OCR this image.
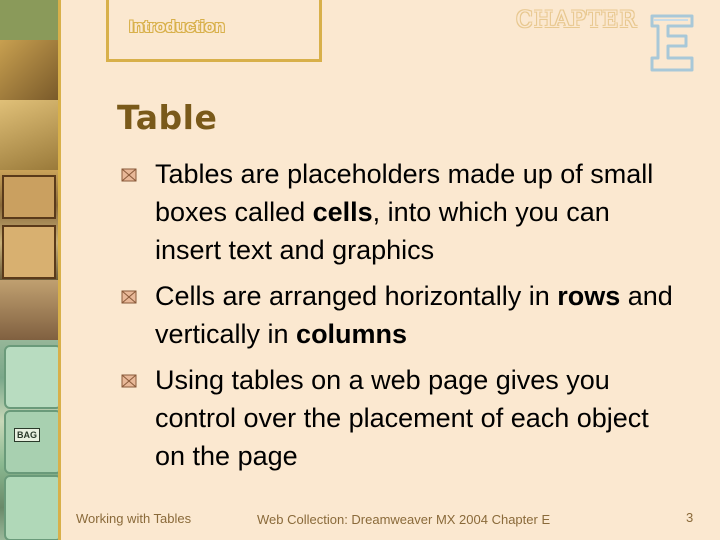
BAG
Introduction	CHAPTER
Table
Tables are placeholders made up of small boxes called cells, into which you can insert text and graphics
Cells are arranged horizontally in rows and vertically in columns
Using tables on a web page gives you control over the placement of each object on the page
Working with Tables	Web Collection: Dreamweaver MX 2004 Chapter E	3
